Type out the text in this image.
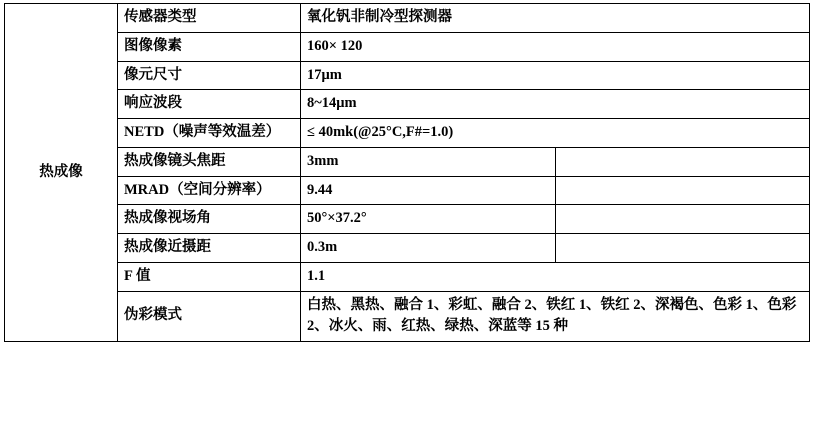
热成像	传感器类型	氧化钒非制冷型探测器	
	图像像素	160× 120	
	像元尺寸	17μm	
	响应波段	8~14μm	
	NETD（噪声等效温差）	≤ 40mk(@25°C,F#=1.0)	
	热成像镜头焦距	3mm	
	MRAD（空间分辨率）	9.44	
	热成像视场角	50°×37.2°	
	热成像近摄距	0.3m	
	F 值	1.1	
	伪彩模式	白热、黑热、融合 1、彩虹、融合 2、铁红 1、铁红 2、深褐色、色彩 1、色彩 2、冰火、雨、红热、绿热、深蓝等 15 种	
